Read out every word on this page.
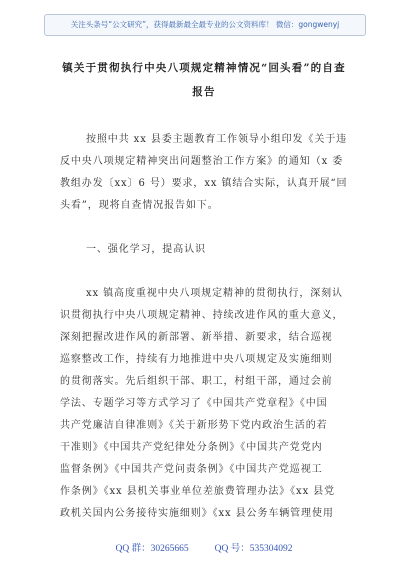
关注头条号“公文研究”，获得最新最全最专业的公文资料库！ 微信：gongwenyj
镇关于贯彻执行中央八项规定精神情况“回头看”的自查
报告
按照中共 xx 县委主题教育工作领导小组印发《关于违
反中央八项规定精神突出问题整治工作方案》的通知（x 委
教组办发〔xx〕6 号）要求，xx 镇结合实际，认真开展“回
头看”，现将自查情况报告如下。
一、强化学习，提高认识
xx 镇高度重视中央八项规定精神的贯彻执行，深刻认
识贯彻执行中央八项规定精神、持续改进作风的重大意义，
深刻把握改进作风的新部署、新举措、新要求，结合巡视
巡察整改工作，持续有力地推进中央八项规定及实施细则
的贯彻落实。先后组织干部、职工，村组干部，通过会前
学法、专题学习等方式学习了《中国共产党章程》《中国
共产党廉洁自律准则》《关于新形势下党内政治生活的若
干准则》《中国共产党纪律处分条例》《中国共产党党内
监督条例》《中国共产党问责条例》《中国共产党巡视工
作条例》《xx 县机关事业单位差旅费管理办法》《xx 县党
政机关国内公务接待实施细则》《xx 县公务车辆管理使用
QQ 群：30265665	QQ 号：535304092
